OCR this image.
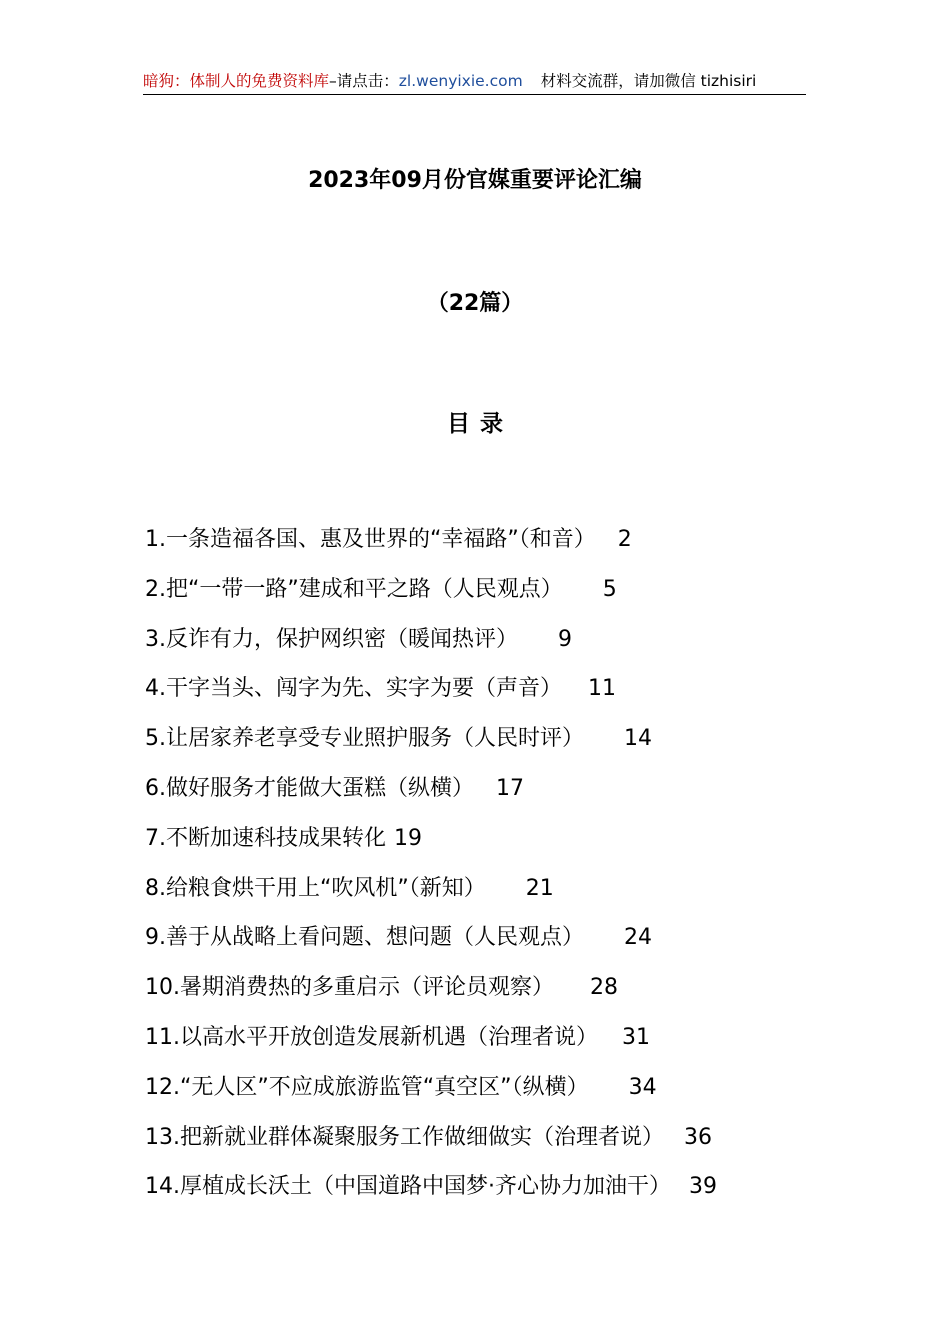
暗狗：体制人的免费资料库–请点击：zl.wenyixie.com 材料交流群，请加微信 tizhisiri
2023年09月份官媒重要评论汇编
（22篇）
目录
1.一条造福各国、惠及世界的“幸福路”（和音） 2
2.把“一带一路”建成和平之路（人民观点） 5
3.反诈有力，保护网织密（暖闻热评） 9
4.干字当头、闯字为先、实字为要（声音） 11
5.让居家养老享受专业照护服务（人民时评） 14
6.做好服务才能做大蛋糕（纵横） 17
7.不断加速科技成果转化 19
8.给粮食烘干用上“吹风机”（新知） 21
9.善于从战略上看问题、想问题（人民观点） 24
10.暑期消费热的多重启示（评论员观察） 28
11.以高水平开放创造发展新机遇（治理者说） 31
12.“无人区”不应成旅游监管“真空区”（纵横） 34
13.把新就业群体凝聚服务工作做细做实（治理者说） 36
14.厚植成长沃土（中国道路中国梦·齐心协力加油干） 39
